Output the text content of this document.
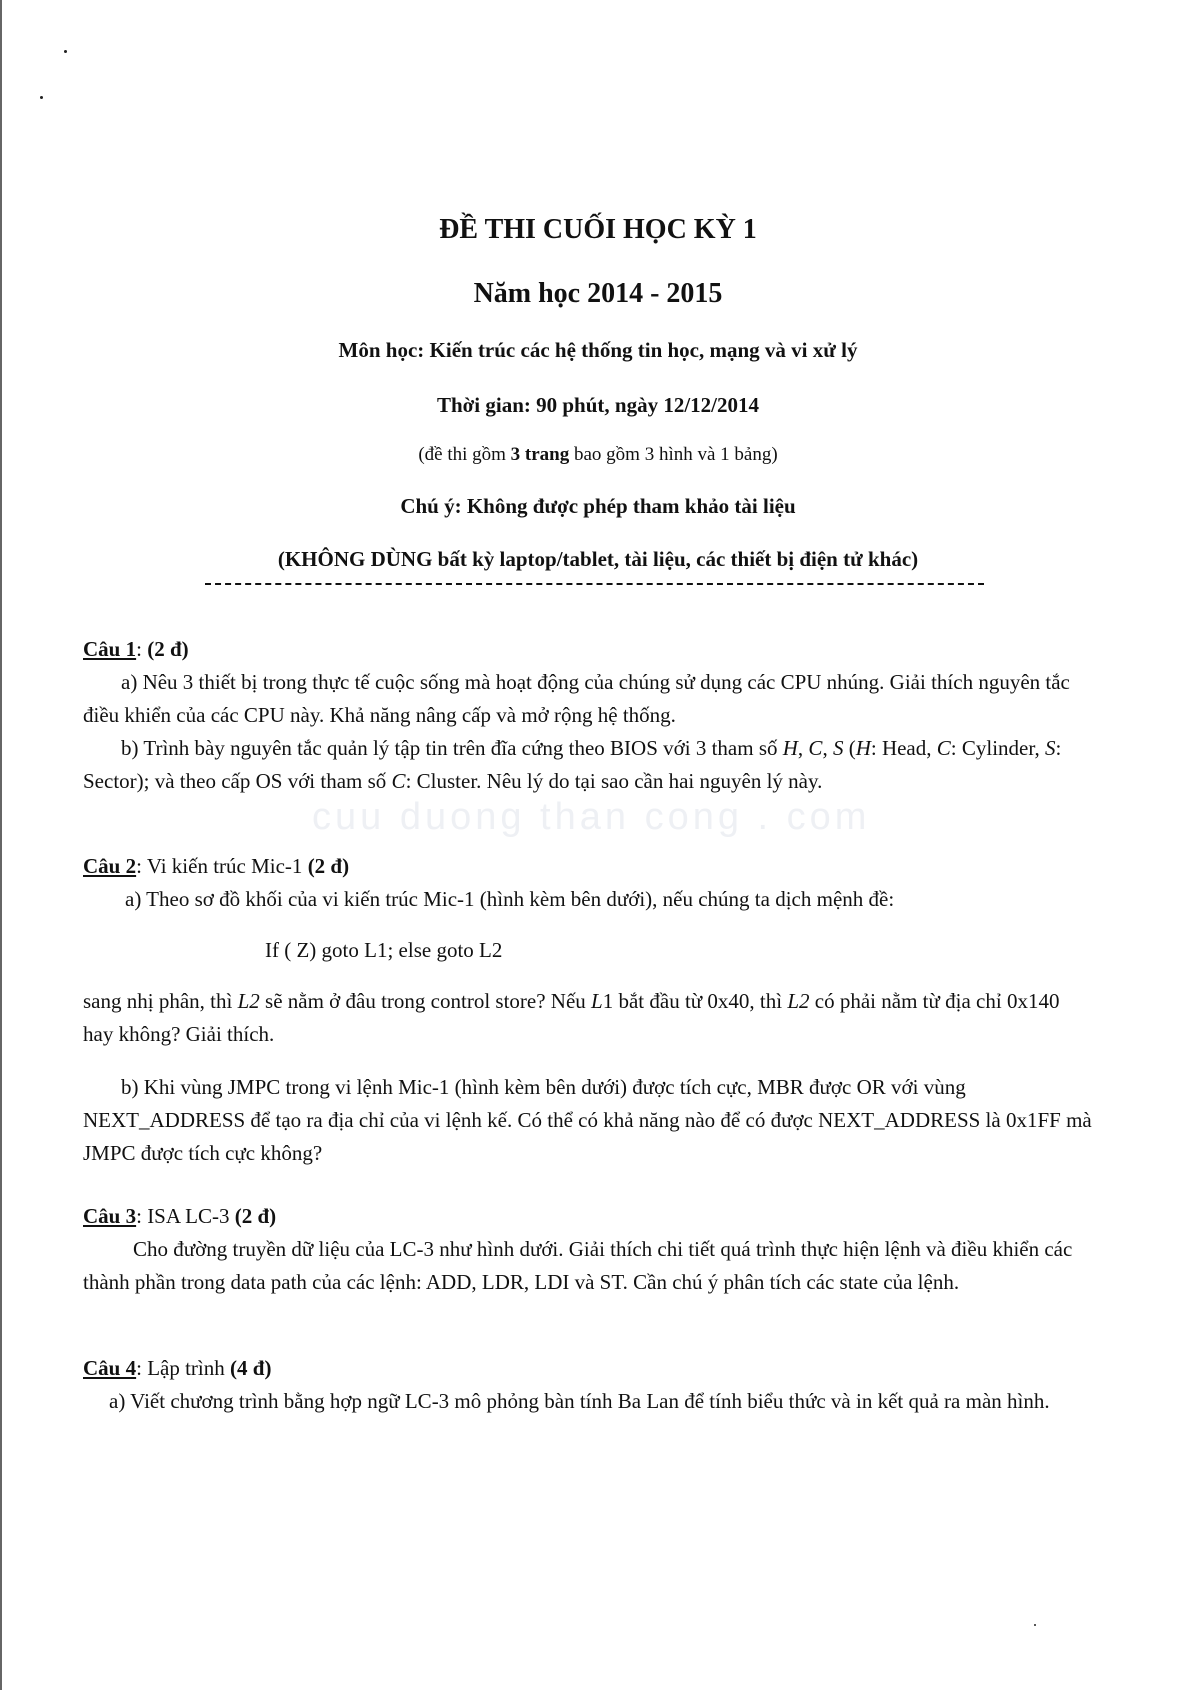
cuu duong than cong . com
ĐỀ THI CUỐI HỌC KỲ 1
Năm học 2014 - 2015
Môn học: Kiến trúc các hệ thống tin học, mạng và vi xử lý
Thời gian: 90 phút, ngày 12/12/2014
(đề thi gồm 3 trang bao gồm 3 hình và 1 bảng)
Chú ý: Không được phép tham khảo tài liệu
(KHÔNG DÙNG bất kỳ laptop/tablet, tài liệu, các thiết bị điện tử khác)
Câu 1: (2 đ)
a) Nêu 3 thiết bị trong thực tế cuộc sống mà hoạt động của chúng sử dụng các CPU nhúng. Giải thích nguyên tắc điều khiển của các CPU này. Khả năng nâng cấp và mở rộng hệ thống.
b) Trình bày nguyên tắc quản lý tập tin trên đĩa cứng theo BIOS với 3 tham số H, C, S (H: Head, C: Cylinder, S: Sector); và theo cấp OS với tham số C: Cluster. Nêu lý do tại sao cần hai nguyên lý này.
Câu 2: Vi kiến trúc Mic-1 (2 đ)
a) Theo sơ đồ khối của vi kiến trúc Mic-1 (hình kèm bên dưới), nếu chúng ta dịch mệnh đề:
If ( Z) goto L1; else goto L2
sang nhị phân, thì L2 sẽ nằm ở đâu trong control store? Nếu L1 bắt đầu từ 0x40, thì L2 có phải nằm từ địa chỉ 0x140 hay không? Giải thích.
b) Khi vùng JMPC trong vi lệnh Mic-1 (hình kèm bên dưới) được tích cực, MBR được OR với vùng NEXT_ADDRESS để tạo ra địa chỉ của vi lệnh kế. Có thể có khả năng nào để có được NEXT_ADDRESS là 0x1FF mà JMPC được tích cực không?
Câu 3: ISA LC-3 (2 đ)
Cho đường truyền dữ liệu của LC-3 như hình dưới. Giải thích chi tiết quá trình thực hiện lệnh và điều khiển các thành phần trong data path của các lệnh: ADD, LDR, LDI và ST. Cần chú ý phân tích các state của lệnh.
Câu 4: Lập trình (4 đ)
a) Viết chương trình bằng hợp ngữ LC-3 mô phỏng bàn tính Ba Lan để tính biểu thức và in kết quả ra màn hình.
